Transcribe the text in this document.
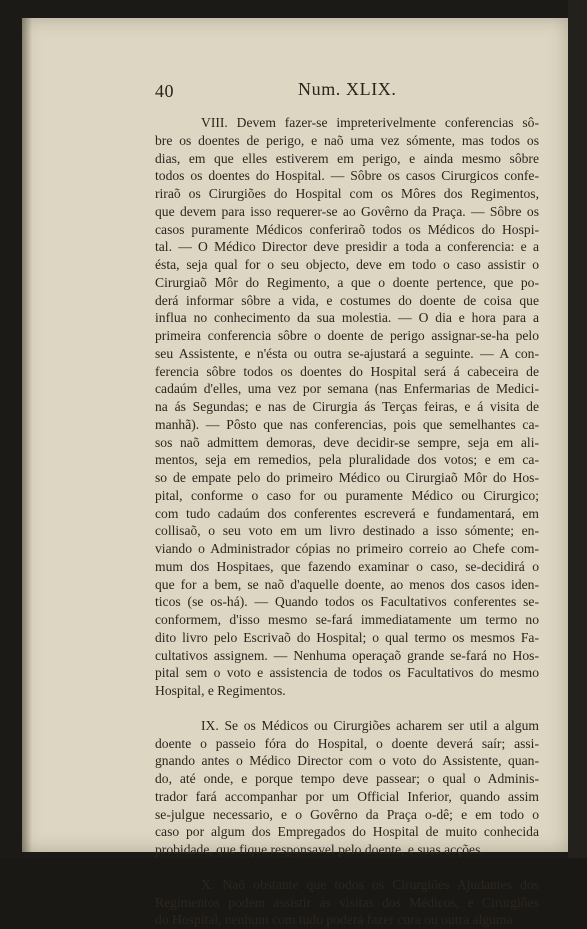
40	Num. XLIX.
VIII. Devem fazer-se impreterivelmente conferencias sô-
bre os doentes de perigo, e naõ uma vez sómente, mas todos os
dias, em que elles estiverem em perigo, e ainda mesmo sôbre
todos os doentes do Hospital. — Sôbre os casos Cirurgicos confe-
riraõ os Cirurgiões do Hospital com os Môres dos Regimentos,
que devem para isso requerer-se ao Govêrno da Praça. — Sôbre os
casos puramente Médicos conferiraõ todos os Médicos do Hospi-
tal. — O Médico Director deve presidir a toda a conferencia: e a
ésta, seja qual for o seu objecto, deve em todo o caso assistir o
Cirurgiaõ Môr do Regimento, a que o doente pertence, que po-
derá informar sôbre a vida, e costumes do doente de coisa que
influa no conhecimento da sua molestia. — O dia e hora para a
primeira conferencia sôbre o doente de perigo assignar-se-ha pelo
seu Assistente, e n'ésta ou outra se-ajustará a seguinte. — A con-
ferencia sôbre todos os doentes do Hospital será á cabeceira de
cadaúm d'elles, uma vez por semana (nas Enfermarias de Medici-
na ás Segundas; e nas de Cirurgia ás Terças feiras, e á visita de
manhã). — Pôsto que nas conferencias, pois que semelhantes ca-
sos naõ admittem demoras, deve decidir-se sempre, seja em ali-
mentos, seja em remedios, pela pluralidade dos votos; e em ca-
so de empate pelo do primeiro Médico ou Cirurgiaõ Môr do Hos-
pital, conforme o caso for ou puramente Médico ou Cirurgico;
com tudo cadaúm dos conferentes escreverá e fundamentará, em
collisaõ, o seu voto em um livro destinado a isso sómente; en-
viando o Administrador cópias no primeiro correio ao Chefe com-
mum dos Hospitaes, que fazendo examinar o caso, se-decidirá o
que for a bem, se naõ d'aquelle doente, ao menos dos casos iden-
ticos (se os-há). — Quando todos os Facultativos conferentes se-
conformem, d'isso mesmo se-fará immediatamente um termo no
dito livro pelo Escrivaõ do Hospital; o qual termo os mesmos Fa-
cultativos assignem. — Nenhuma operaçaõ grande se-fará no Hos-
pital sem o voto e assistencia de todos os Facultativos do mesmo
Hospital, e Regimentos.
IX. Se os Médicos ou Cirurgiões acharem ser util a algum
doente o passeio fóra do Hospital, o doente deverá saír; assi-
gnando antes o Médico Director com o voto do Assistente, quan-
do, até onde, e porque tempo deve passear; o qual o Adminis-
trador fará accompanhar por um Official Inferior, quando assim
se-julgue necessario, e o Govêrno da Praça o-dê; e em todo o
caso por algum dos Empregados do Hospital de muito conhecida
probidade, que fique responsavel pelo doente, e suas acções.
X. Naõ obstante que todos os Cirurgiões Ajudantes dos
Regimentos podem assistir ás visitas dos Médicos, e Cirurgiões
do Hospital, nenhum com tudo poderá fazer cura ou outra alguma
